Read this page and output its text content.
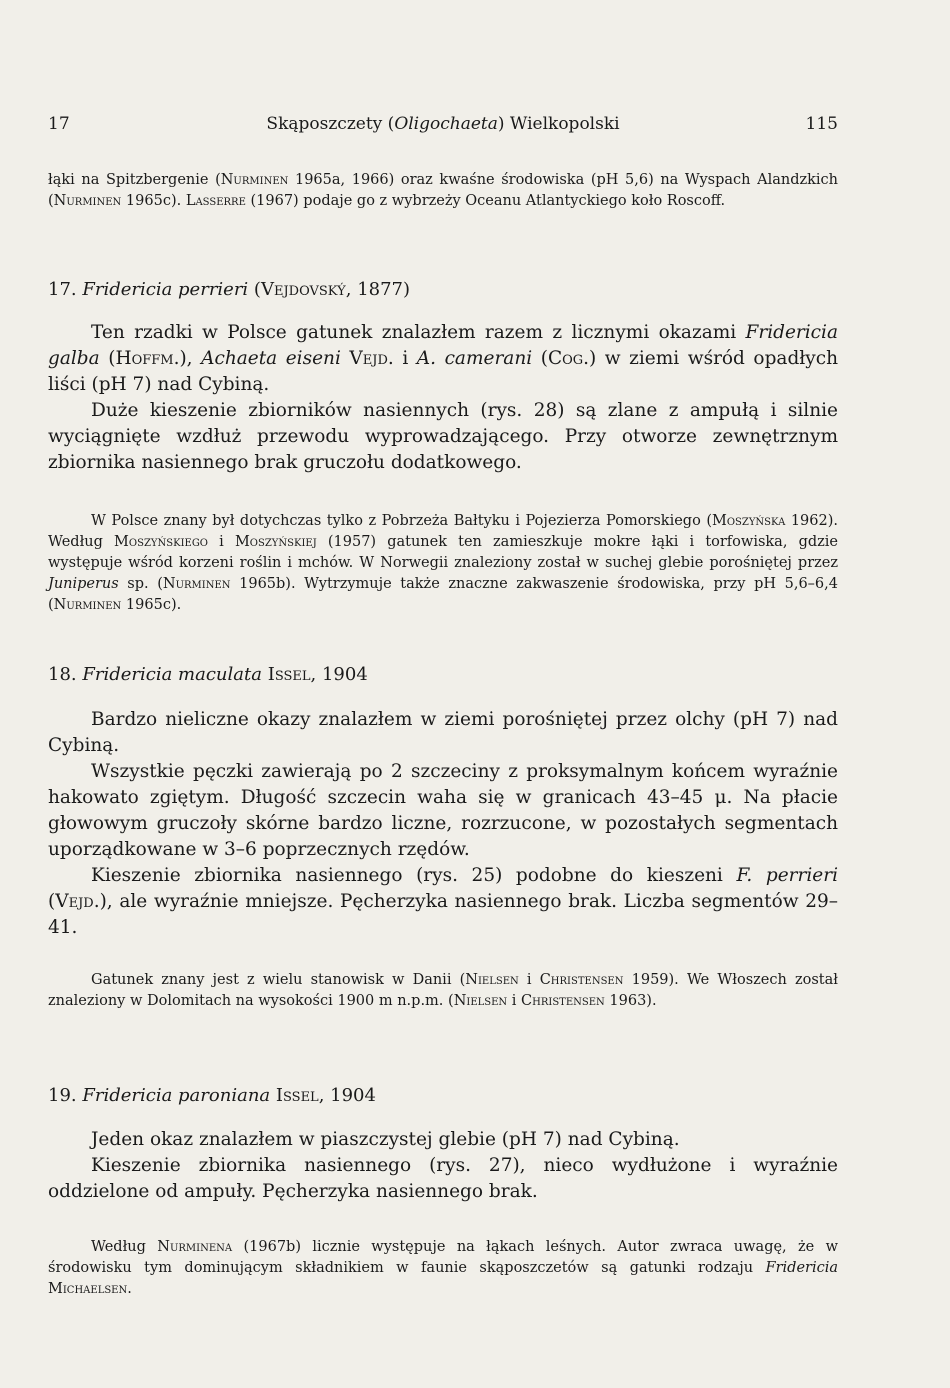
17	Skąposzczety (Oligochaeta) Wielkopolski	115

łąki na Spitzbergenie (Nurminen 1965a, 1966) oraz kwaśne środowiska (pH 5,6) na Wyspach Alandzkich (Nurminen 1965c). Lasserre (1967) podaje go z wybrzeży Oceanu Atlantyckiego koło Roscoff.

17. Fridericia perrieri (Vejdovský, 1877)

Ten rzadki w Polsce gatunek znalazłem razem z licznymi okazami Fridericia galba (Hoffm.), Achaeta eiseni Vejd. i A. camerani (Cog.) w ziemi wśród opadłych liści (pH 7) nad Cybiną.

Duże kieszenie zbiorników nasiennych (rys. 28) są zlane z ampułą i silnie wyciągnięte wzdłuż przewodu wyprowadzającego. Przy otworze zewnętrznym zbiornika nasiennego brak gruczołu dodatkowego.

W Polsce znany był dotychczas tylko z Pobrzeża Bałtyku i Pojezierza Pomorskiego (Moszyńska 1962). Według Moszyńskiego i Moszyńskiej (1957) gatunek ten zamieszkuje mokre łąki i torfowiska, gdzie występuje wśród korzeni roślin i mchów. W Norwegii znaleziony został w suchej glebie porośniętej przez Juniperus sp. (Nurminen 1965b). Wytrzymuje także znaczne zakwaszenie środowiska, przy pH 5,6–6,4 (Nurminen 1965c).
18. Fridericia maculata Issel, 1904

Bardzo nieliczne okazy znalazłem w ziemi porośniętej przez olchy (pH 7) nad Cybiną.

Wszystkie pęczki zawierają po 2 szczeciny z proksymalnym końcem wyraźnie hakowato zgiętym. Długość szczecin waha się w granicach 43–45 μ. Na płacie głowowym gruczoły skórne bardzo liczne, rozrzucone, w pozostałych segmentach uporządkowane w 3–6 poprzecznych rzędów.

Kieszenie zbiornika nasiennego (rys. 25) podobne do kieszeni F. perrieri (Vejd.), ale wyraźnie mniejsze. Pęcherzyka nasiennego brak. Liczba segmentów 29–41.

Gatunek znany jest z wielu stanowisk w Danii (Nielsen i Christensen 1959). We Włoszech został znaleziony w Dolomitach na wysokości 1900 m n.p.m. (Nielsen i Christensen 1963).
19. Fridericia paroniana Issel, 1904

Jeden okaz znalazłem w piaszczystej glebie (pH 7) nad Cybiną.

Kieszenie zbiornika nasiennego (rys. 27), nieco wydłużone i wyraźnie oddzielone od ampuły. Pęcherzyka nasiennego brak.

Według Nurminena (1967b) licznie występuje na łąkach leśnych. Autor zwraca uwagę, że w środowisku tym dominującym składnikiem w faunie skąposzczetów są gatunki rodzaju Fridericia Michaelsen.
